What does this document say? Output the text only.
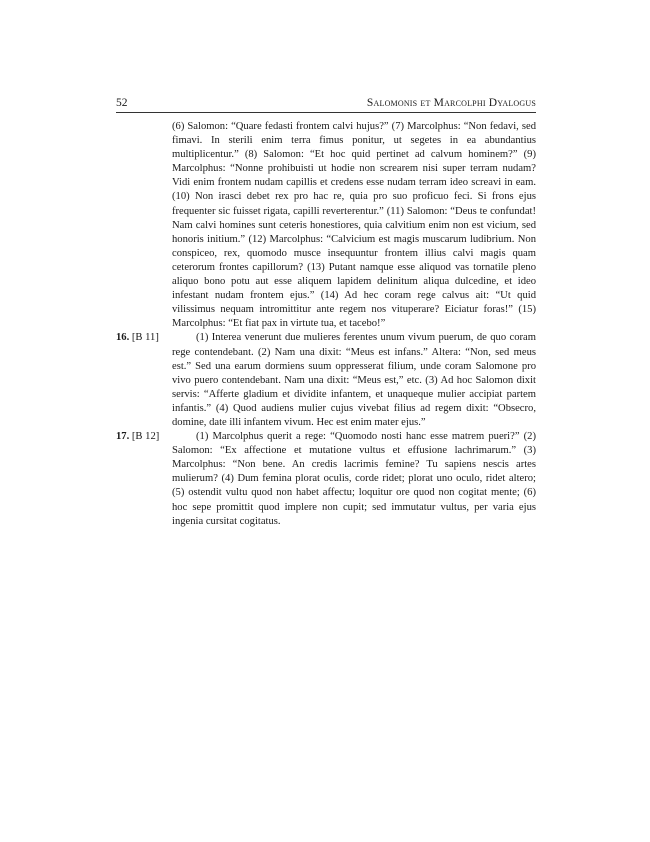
52	Salomonis et Marcolphi Dyalogus

(6) Salomon: “Quare fedasti frontem calvi hujus?” (7) Marcolphus: “Non fedavi, sed fimavi. In sterili enim terra fimus ponitur, ut segetes in ea abundantius multiplicentur.” (8) Salomon: “Et hoc quid pertinet ad calvum hominem?” (9) Marcolphus: “Nonne prohibuisti ut hodie non screarem nisi super terram nudam? Vidi enim frontem nudam capillis et credens esse nudam terram ideo screavi in eam. (10) Non irasci debet rex pro hac re, quia pro suo proficuo feci. Si frons ejus frequenter sic fuisset rigata, capilli reverterentur.” (11) Salomon: “Deus te confundat! Nam calvi homines sunt ceteris honestiores, quia calvitium enim non est vicium, sed honoris initium.” (12) Marcolphus: “Calvicium est magis muscarum ludibrium. Non conspiceo, rex, quomodo musce insequuntur frontem illius calvi magis quam ceterorum frontes capillorum? (13) Putant namque esse aliquod vas tornatile pleno aliquo bono potu aut esse aliquem lapidem delinitum aliqua dulcedine, et ideo infestant nudam frontem ejus.” (14) Ad hec coram rege calvus ait: “Ut quid vilissimus nequam intromittitur ante regem nos vituperare? Eiciatur foras!” (15) Marcolphus: “Et fiat pax in virtute tua, et tacebo!”

16. [B 11]	(1) Interea venerunt due mulieres ferentes unum vivum puerum, de quo coram rege contendebant. (2) Nam una dixit: “Meus est infans.” Altera: “Non, sed meus est.” Sed una earum dormiens suum oppresserat filium, unde coram Salomone pro vivo puero contendebant. Nam una dixit: “Meus est,” etc. (3) Ad hoc Salomon dixit servis: “Afferte gladium et dividite infantem, et unaqueque mulier accipiat partem infantis.” (4) Quod audiens mulier cujus vivebat filius ad regem dixit: “Obsecro, domine, date illi infantem vivum. Hec est enim mater ejus.”

17. [B 12]	(1) Marcolphus querit a rege: “Quomodo nosti hanc esse matrem pueri?” (2) Salomon: “Ex affectione et mutatione vultus et effusione lachrimarum.” (3) Marcolphus: “Non bene. An credis lacrimis femine? Tu sapiens nescis artes mulierum? (4) Dum femina plorat oculis, corde ridet; plorat uno oculo, ridet altero; (5) ostendit vultu quod non habet affectu; loquitur ore quod non cogitat mente; (6) hoc sepe promittit quod implere non cupit; sed immutatur vultus, per varia ejus ingenia cursitat cogitatus.
